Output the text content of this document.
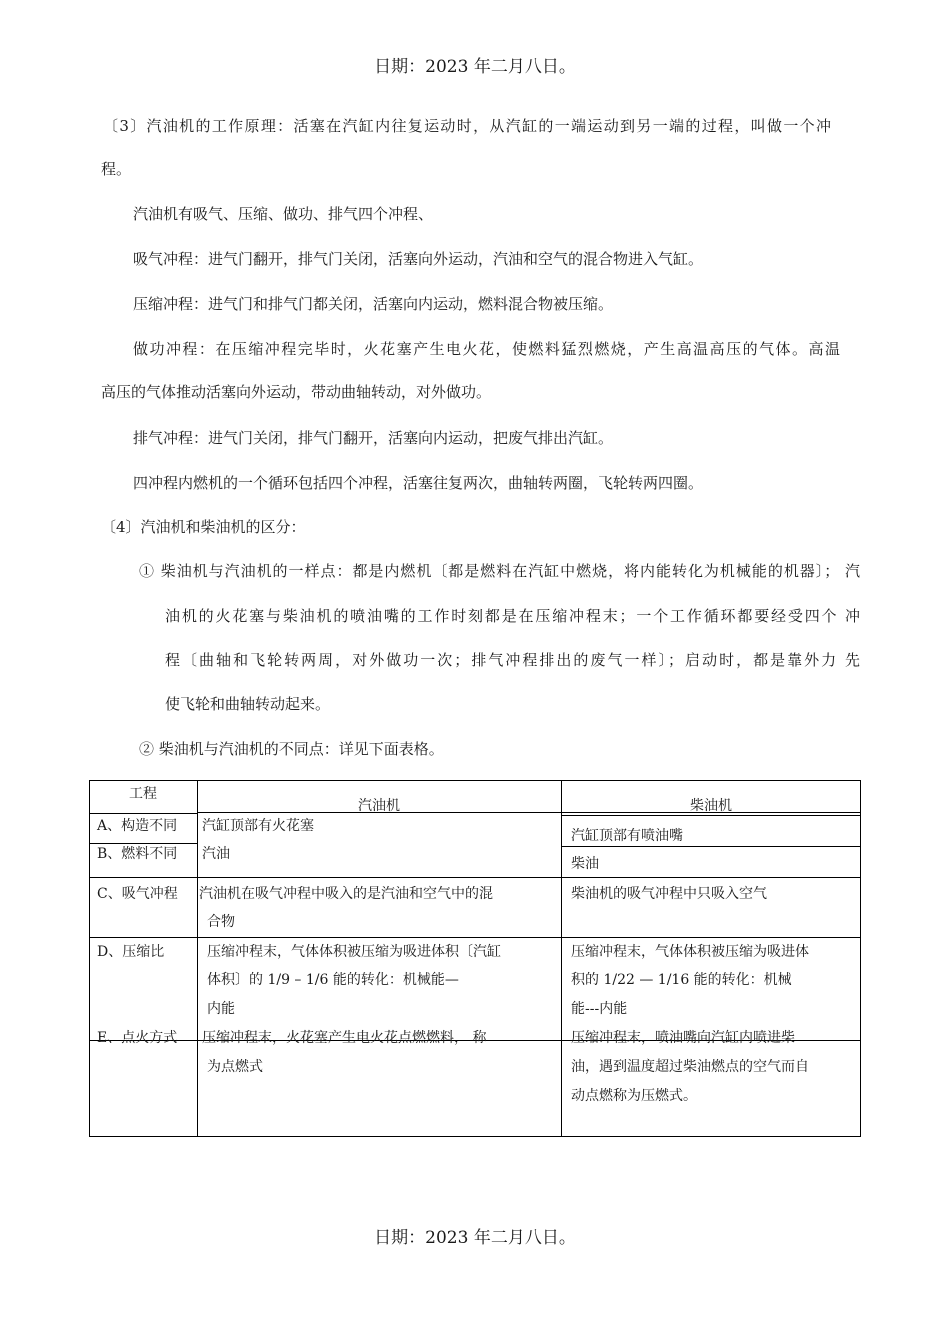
日期：2023 年二月八日。
〔3〕汽油机的工作原理：活塞在汽缸内往复运动时，从汽缸的一端运动到另一端的过程，叫做一个冲
程。
汽油机有吸气、压缩、做功、排气四个冲程、
吸气冲程：进气门翻开，排气门关闭，活塞向外运动，汽油和空气的混合物进入气缸。
压缩冲程：进气门和排气门都关闭，活塞向内运动，燃料混合物被压缩。
做功冲程：在压缩冲程完毕时，火花塞产生电火花，使燃料猛烈燃烧，产生高温高压的气体。高温
高压的气体推动活塞向外运动，带动曲轴转动，对外做功。
排气冲程：进气门关闭，排气门翻开，活塞向内运动，把废气排出汽缸。
四冲程内燃机的一个循环包括四个冲程，活塞往复两次，曲轴转两圈，飞轮转两四圈。
〔4〕汽油机和柴油机的区分：
① 柴油机与汽油机的一样点：都是内燃机〔都是燃料在汽缸中燃烧，将内能转化为机械能的机器〕； 汽
油机的火花塞与柴油机的喷油嘴的工作时刻都是在压缩冲程末；一个工作循环都要经受四个 冲
程〔曲轴和飞轮转两周，对外做功一次；排气冲程排出的废气一样〕；启动时，都是靠外力 先
使飞轮和曲轴转动起来。
② 柴油机与汽油机的不同点：详见下面表格。
工程
汽油机	柴油机
A、构造不同 汽缸顶部有火花塞
汽缸顶部有喷油嘴
B、燃料不同 汽油
柴油
C、吸气冲程 汽油机在吸气冲程中吸入的是汽油和空气中的混
合物
柴油机的吸气冲程中只吸入空气
D、压缩比	压缩冲程末，气体体积被压缩为吸进体积〔汽缸
体积〕的 1/9 – 1/6 能的转化：机械能—
内能
压缩冲程末，气体体积被压缩为吸进体
积的 1/22 — 1/16 能的转化：机械
能---内能
E、点火方式 压缩冲程末，火花塞产生电火花点燃燃料， 称
为点燃式
压缩冲程末，喷油嘴向汽缸内喷进柴
油，遇到温度超过柴油燃点的空气而自
动点燃称为压燃式。
日期：2023 年二月八日。
